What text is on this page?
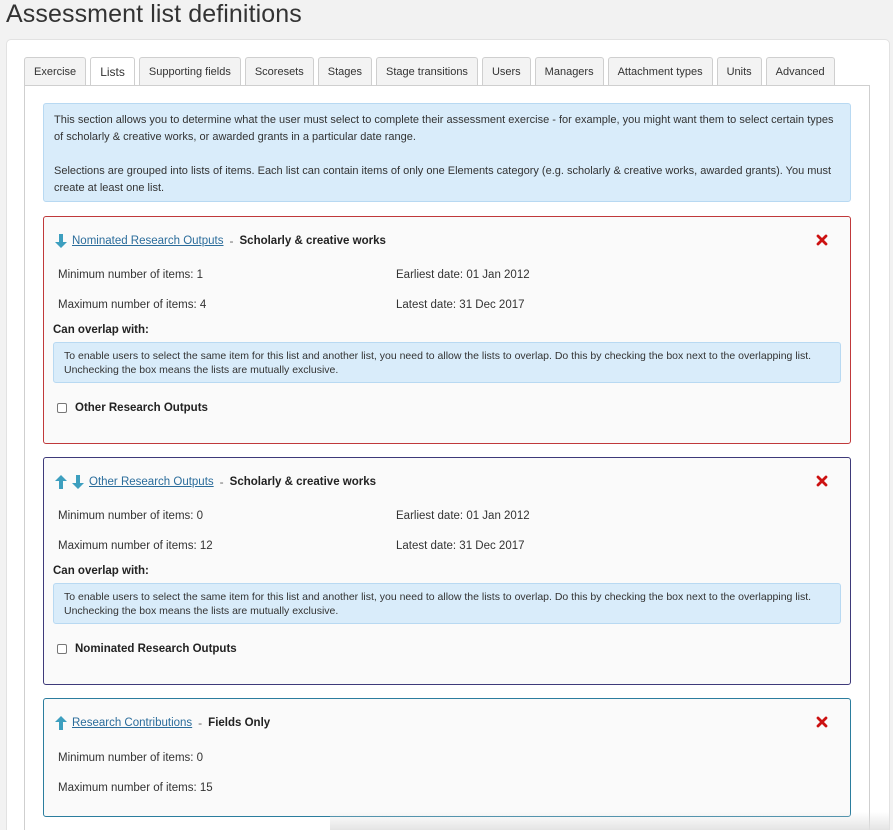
Assessment list definitions
Exercise	Lists	Supporting fields	Scoresets	Stages	Stage transitions	Users	Managers	Attachment types	Units	Advanced

This section allows you to determine what the user must select to complete their assessment exercise - for example, you might want them to select certain types of scholarly & creative works, or awarded grants in a particular date range.

Selections are grouped into lists of items. Each list can contain items of only one Elements category (e.g. scholarly & creative works, awarded grants). You must create at least one list.

Nominated Research Outputs - Scholarly & creative works
Minimum number of items: 1	Earliest date: 01 Jan 2012
Maximum number of items: 4	Latest date: 31 Dec 2017
Can overlap with:
To enable users to select the same item for this list and another list, you need to allow the lists to overlap. Do this by checking the box next to the overlapping list. Unchecking the box means the lists are mutually exclusive.
Other Research Outputs
Other Research Outputs - Scholarly & creative works
Minimum number of items: 0	Earliest date: 01 Jan 2012
Maximum number of items: 12	Latest date: 31 Dec 2017
Can overlap with:
To enable users to select the same item for this list and another list, you need to allow the lists to overlap. Do this by checking the box next to the overlapping list. Unchecking the box means the lists are mutually exclusive.
Nominated Research Outputs
Research Contributions - Fields Only
Minimum number of items: 0
Maximum number of items: 15
